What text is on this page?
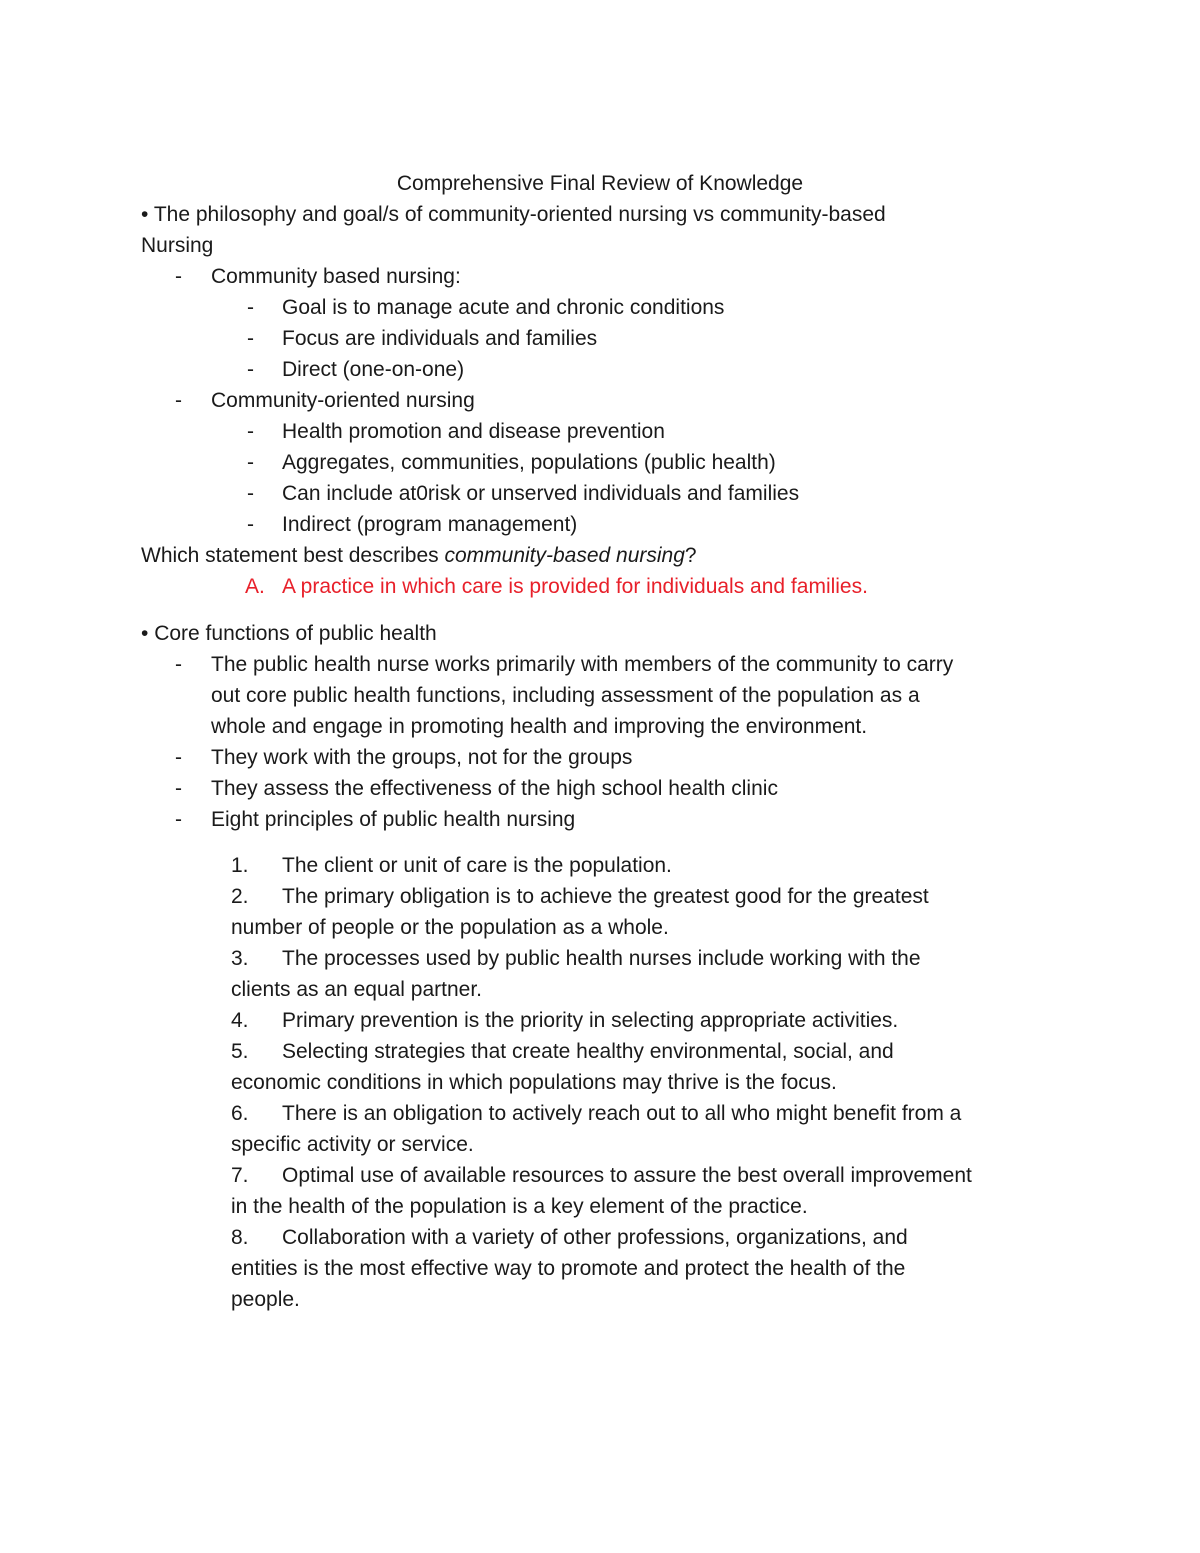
Comprehensive Final Review of Knowledge
• The philosophy and goal/s of community-oriented nursing vs community-based
Nursing
- Community based nursing:
- Goal is to manage acute and chronic conditions
- Focus are individuals and families
- Direct (one-on-one)
- Community-oriented nursing
- Health promotion and disease prevention
- Aggregates, communities, populations (public health)
- Can include at0risk or unserved individuals and families
- Indirect (program management)
Which statement best describes community-based nursing?
A. A practice in which care is provided for individuals and families.
• Core functions of public health
- The public health nurse works primarily with members of the community to carry
out core public health functions, including assessment of the population as a
whole and engage in promoting health and improving the environment.
- They work with the groups, not for the groups
- They assess the effectiveness of the high school health clinic
- Eight principles of public health nursing
1. The client or unit of care is the population.
2. The primary obligation is to achieve the greatest good for the greatest
number of people or the population as a whole.
3. The processes used by public health nurses include working with the
clients as an equal partner.
4. Primary prevention is the priority in selecting appropriate activities.
5. Selecting strategies that create healthy environmental, social, and
economic conditions in which populations may thrive is the focus.
6. There is an obligation to actively reach out to all who might benefit from a
specific activity or service.
7. Optimal use of available resources to assure the best overall improvement
in the health of the population is a key element of the practice.
8. Collaboration with a variety of other professions, organizations, and
entities is the most effective way to promote and protect the health of the
people.
